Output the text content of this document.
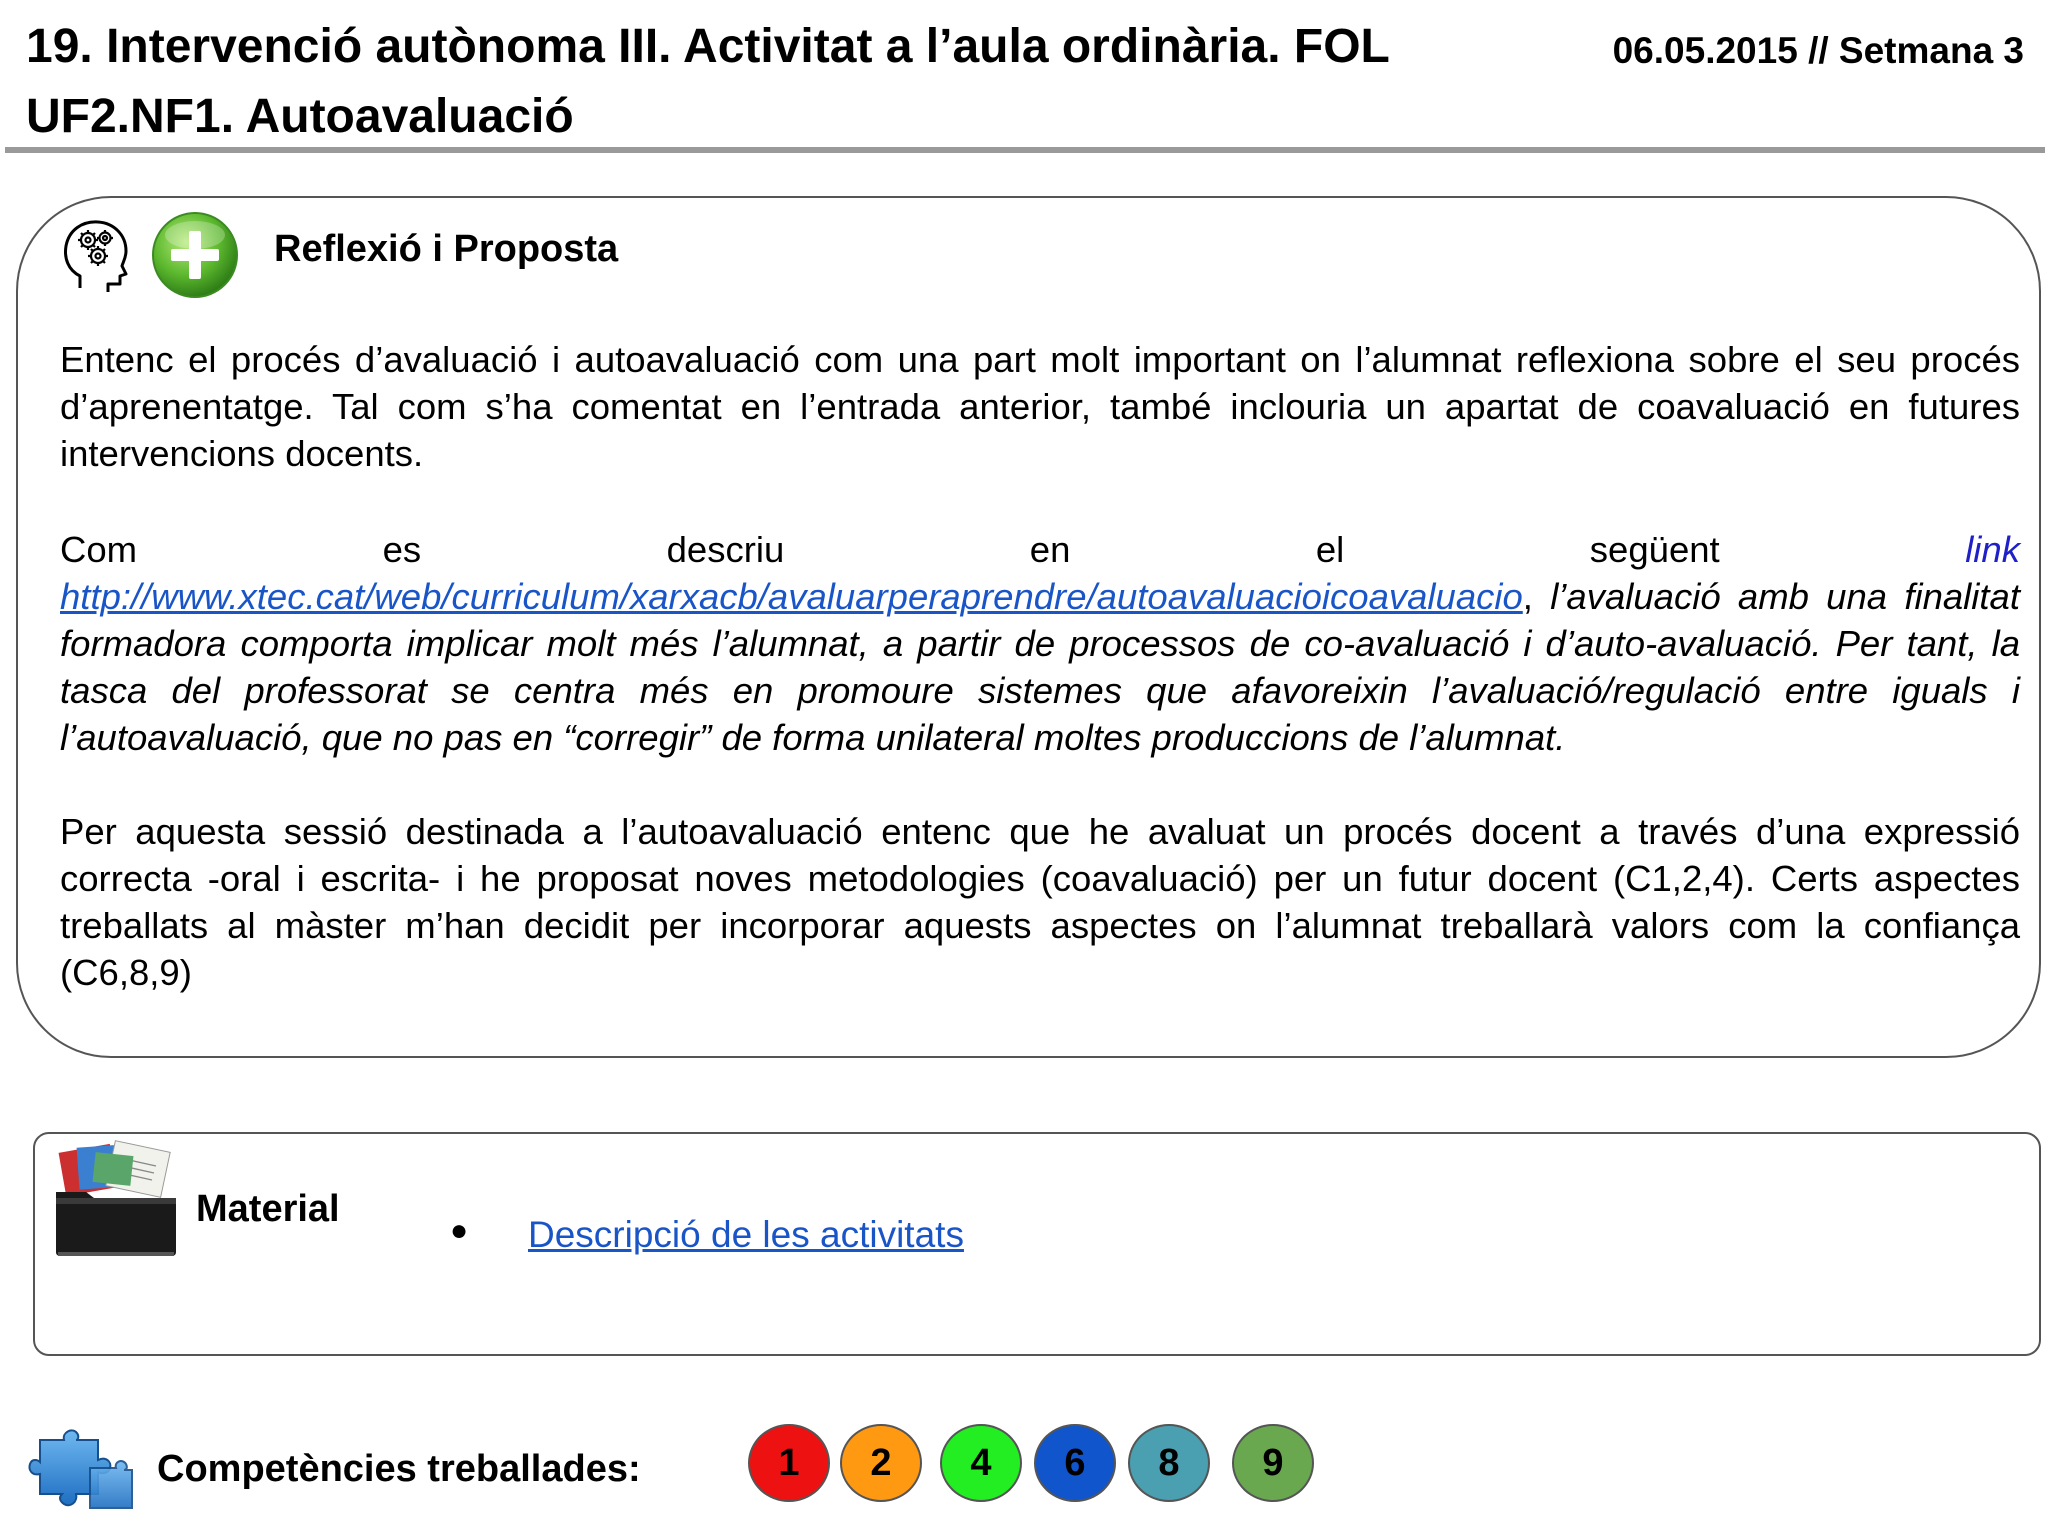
19. Intervenció autònoma III. Activitat a l’aula ordinària. FOL
UF2.NF1. Autoavaluació
06.05.2015 // Setmana 3
Reflexió i Proposta

Entenc el procés d’avaluació i autoavaluació com una part molt important on l’alumnat reflexiona sobre el seu procés d’aprenentatge. Tal com s’ha comentat en l’entrada anterior, també inclouria un apartat de coavaluació en futures intervencions docents.

Com es descriu en el següent	link http://www.xtec.cat/web/curriculum/xarxacb/avaluarperaprendre/autoavaluacioicoavaluacio, l’avaluació amb una finalitat formadora comporta implicar molt més l’alumnat, a partir de processos de co-avaluació i d’auto-avaluació. Per tant, la tasca del professorat se centra més en promoure sistemes que afavoreixin l’avaluació/regulació entre iguals i l’autoavaluació, que no pas en “corregir” de forma unilateral moltes produccions de l’alumnat.

Per aquesta sessió destinada a l’autoavaluació entenc que he avaluat un procés docent a través d’una expressió correcta -oral i escrita- i he proposat noves metodologies (coavaluació) per un futur docent (C1,2,4). Certs aspectes treballats al màster m’han decidit per incorporar aquests aspectes on l’alumnat treballarà valors com la confiança (C6,8,9)

Material
● Descripció de les activitats
Competències treballades:	1	2	4	6	8	9
